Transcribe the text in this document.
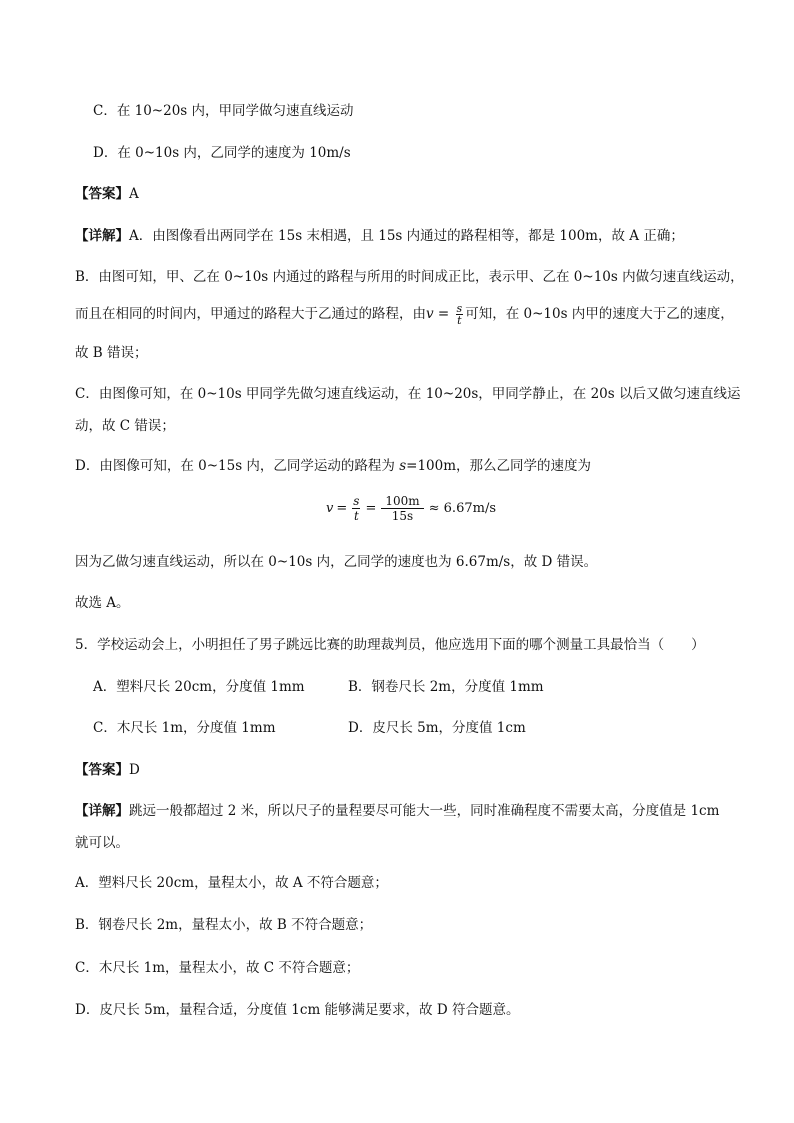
C．在 10~20s 内，甲同学做匀速直线运动
D．在 0~10s 内，乙同学的速度为 10m/s
【答案】A
【详解】A．由图像看出两同学在 15s 末相遇，且 15s 内通过的路程相等，都是 100m，故 A 正确；
B．由图可知，甲、乙在 0~10s 内通过的路程与所用的时间成正比，表示甲、乙在 0~10s 内做匀速直线运动，
而且在相同的时间内，甲通过的路程大于乙通过的路程，由$v = \frac{s}{t}$ 可知，在 0~10s 内甲的速度大于乙的速度，
故 B 错误；
C．由图像可知，在 0~10s 甲同学先做匀速直线运动，在 10~20s，甲同学静止，在 20s 以后又做匀速直线运
动，故 C 错误；
D．由图像可知，在 0~15s 内，乙同学运动的路程为 s=100m，那么乙同学的速度为
$v = \frac{s}{t} = \frac{100m}{15s} \approx 6.67m/s$
因为乙做匀速直线运动，所以在 0~10s 内，乙同学的速度也为 6.67m/s，故 D 错误。
故选 A。
5．学校运动会上，小明担任了男子跳远比赛的助理裁判员，他应选用下面的哪个测量工具最恰当（　　）
A．塑料尺长 20cm，分度值 1mm	B．钢卷尺长 2m，分度值 1mm
C．木尺长 1m，分度值 1mm	D．皮尺长 5m，分度值 1cm
【答案】D
【详解】跳远一般都超过 2 米，所以尺子的量程要尽可能大一些，同时准确程度不需要太高，分度值是 1cm
就可以。
A．塑料尺长 20cm，量程太小，故 A 不符合题意；
B．钢卷尺长 2m，量程太小，故 B 不符合题意；
C．木尺长 1m，量程太小，故 C 不符合题意；
D．皮尺长 5m，量程合适，分度值 1cm 能够满足要求，故 D 符合题意。
